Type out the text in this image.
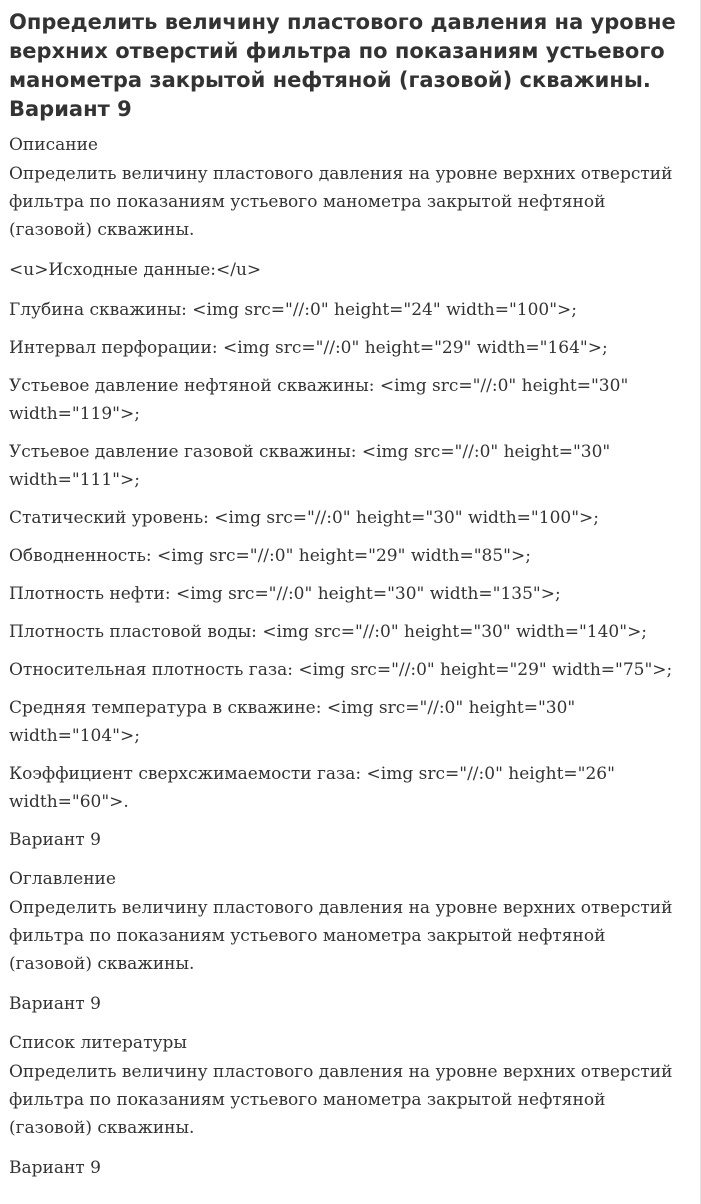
Определить величину пластового давления на уровне верхних отверстий фильтра по показаниям устьевого манометра закрытой нефтяной (газовой) скважины. Вариант 9
Описание

Определить величину пластового давления на уровне верхних отверстий фильтра по показаниям устьевого манометра закрытой нефтяной (газовой) скважины.

<u>Исходные данные:</u>

Глубина скважины: <img src="//:0" height="24" width="100">;
Интервал перфорации: <img src="//:0" height="29" width="164">;
Устьевое давление нефтяной скважины: <img src="//:0" height="30" width="119">;
Устьевое давление газовой скважины: <img src="//:0" height="30" width="111">;
Статический уровень: <img src="//:0" height="30" width="100">;
Обводненность: <img src="//:0" height="29" width="85">;
Плотность нефти: <img src="//:0" height="30" width="135">;
Плотность пластовой воды: <img src="//:0" height="30" width="140">;
Относительная плотность газа: <img src="//:0" height="29" width="75">;
Средняя температура в скважине: <img src="//:0" height="30" width="104">;
Коэффициент сверхсжимаемости газа: <img src="//:0" height="26" width="60">.

Вариант 9

Оглавление

Определить величину пластового давления на уровне верхних отверстий фильтра по показаниям устьевого манометра закрытой нефтяной (газовой) скважины.

Вариант 9

Список литературы

Определить величину пластового давления на уровне верхних отверстий фильтра по показаниям устьевого манометра закрытой нефтяной (газовой) скважины.

Вариант 9
